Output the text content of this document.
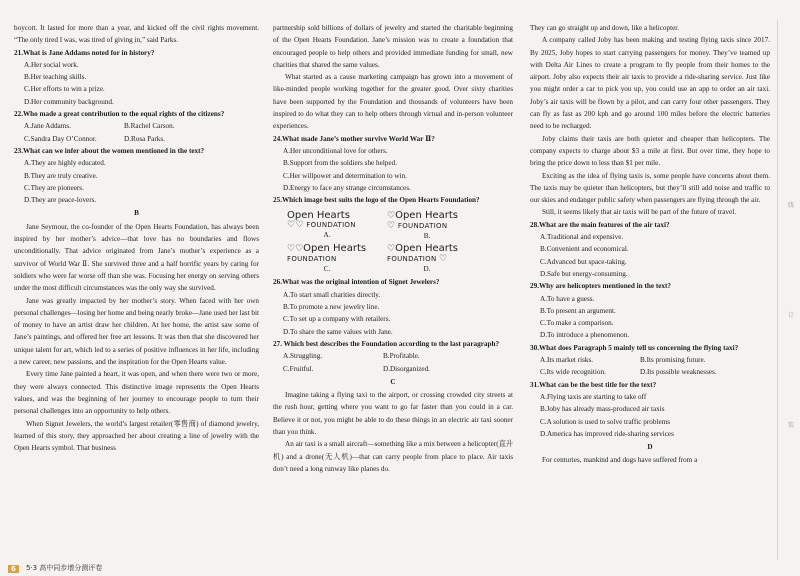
boycott. It lasted for more than a year, and kicked off the civil rights movement. “The only tired I was, was tired of giving in,” said Parks.

21.What is Jane Addams noted for in history?

A.Her social work.

B.Her teaching skills.

C.Her efforts to win a prize.

D.Her community background.

22.Who made a great contribution to the equal rights of the citizens?

A.Jane Addams.	B.Rachel Carson.
C.Sandra Day O’Connor.	D.Rosa Parks.

23.What can we infer about the women mentioned in the text?

A.They are highly educated.

B.They are truly creative.

C.They are pioneers.

D.They are peace-lovers.

B

Jane Seymour, the co-founder of the Open Hearts Foundation, has always been inspired by her mother’s advice—that love has no boundaries and flows unconditionally. That advice originated from Jane’s mother’s experience as a survivor of World War Ⅱ. She survived three and a half horrific years by caring for soldiers who were far worse off than she was. Focusing her energy on serving others under the most difficult circumstances was the only way she survived.

Jane was greatly impacted by her mother’s story. When faced with her own personal challenges—losing her home and being nearly broke—Jane used her last bit of money to have an artist draw her children. At her home, the artist saw some of Jane’s paintings, and offered her free art lessons. It was then that she discovered her unique talent for art, which led to a series of positive influences in her life, including a new career, new passions, and the inspiration for the Open Hearts value.

Every time Jane painted a heart, it was open, and when there were two or more, they were always connected. This distinctive image represents the Open Hearts values, and was the beginning of her journey to encourage people to turn their personal challenges into an opportunity to help others.

When Signet Jewelers, the world’s largest retailer(零售商) of diamond jewelry, learned of this story, they approached her about creating a line of jewelry with the Open Hearts symbol. That business

partnership sold billions of dollars of jewelry and started the charitable beginning of the Open Hearts Foundation. Jane’s mission was to create a foundation that encouraged people to help others and provided immediate funding for small, new charities that shared the same values.

What started as a cause marketing campaign has grown into a movement of like-minded people working together for the greater good. Over sixty charities have been supported by the Foundation and thousands of volunteers have been inspired to do what they can to help others through virtual and in-person volunteer experiences.

24.What made Jane’s mother survive World War Ⅱ?

A.Her unconditional love for others.

B.Support from the soldiers she helped.

C.Her willpower and determination to win.

D.Energy to face any strange circumstances.

25.Which image best suits the logo of the Open Hearts Foundation?

Open Hearts
♡♡ FOUNDATION
A.
♡Open Hearts
♡ FOUNDATION
B.
♡♡Open Hearts
FOUNDATION
C.
♡Open Hearts
FOUNDATION ♡
D.

26.What was the original intention of Signet Jewelers?

A.To start small charities directly.

B.To promote a new jewelry line.

C.To set up a company with retailers.

D.To share the same values with Jane.

27. Which best describes the Foundation according to the last paragraph?

A.Struggling.	B.Profitable.
C.Fruitful.	D.Disorganized.

C

Imagine taking a flying taxi to the airport, or crossing crowded city streets at the rush hour, getting where you want to go far faster than you could in a car. Believe it or not, you might be able to do these things in an electric air taxi sooner than you think.

An air taxi is a small aircraft—something like a mix between a helicopter(直升机) and a drone(无人机)—that can carry people from place to place. Air taxis don’t need a long runway like planes do.

They can go straight up and down, like a helicopter.

A company called Joby has been making and testing flying taxis since 2017. By 2025, Joby hopes to start carrying passengers for money. They’ve teamed up with Delta Air Lines to create a program to fly people from their homes to the airport. Joby also expects their air taxis to provide a ride-sharing service. Just like you might order a car to pick you up, you could use an app to order an air taxi. Joby’s air taxis will be flown by a pilot, and can carry four other passengers. They can fly as fast as 200 kph and go around 100 miles before the electric batteries need to be recharged.

Joby claims their taxis are both quieter and cheaper than helicopters. The company expects to charge about $3 a mile at first. But over time, they hope to bring the price down to less than $1 per mile.

Exciting as the idea of flying taxis is, some people have concerns about them. The taxis may be quieter than helicopters, but they’ll still add noise and traffic to our skies and endanger public safety when passengers are flying through the air.

Still, it seems likely that air taxis will be part of the future of travel.

28.What are the main features of the air taxi?

A.Traditional and expensive.

B.Convenient and economical.

C.Advanced but space-taking.

D.Safe but energy-consuming.

29.Why are helicopters mentioned in the text?

A.To have a guess.

B.To present an argument.

C.To make a comparison.

D.To introduce a phenomenon.

30.What does Paragraph 5 mainly tell us concerning the flying taxi?

A.Its market risks.	B.Its promising future.
C.Its wide recognition.	D.Its possible weaknesses.

31.What can be the best title for the text?

A.Flying taxis are starting to take off

B.Joby has already mass-produced air taxis

C.A solution is used to solve traffic problems

D.America has improved ride-sharing services

D

For centuries, mankind and dogs have suffered from a

线
订
装
6	5·3 高中同步增分测评卷
